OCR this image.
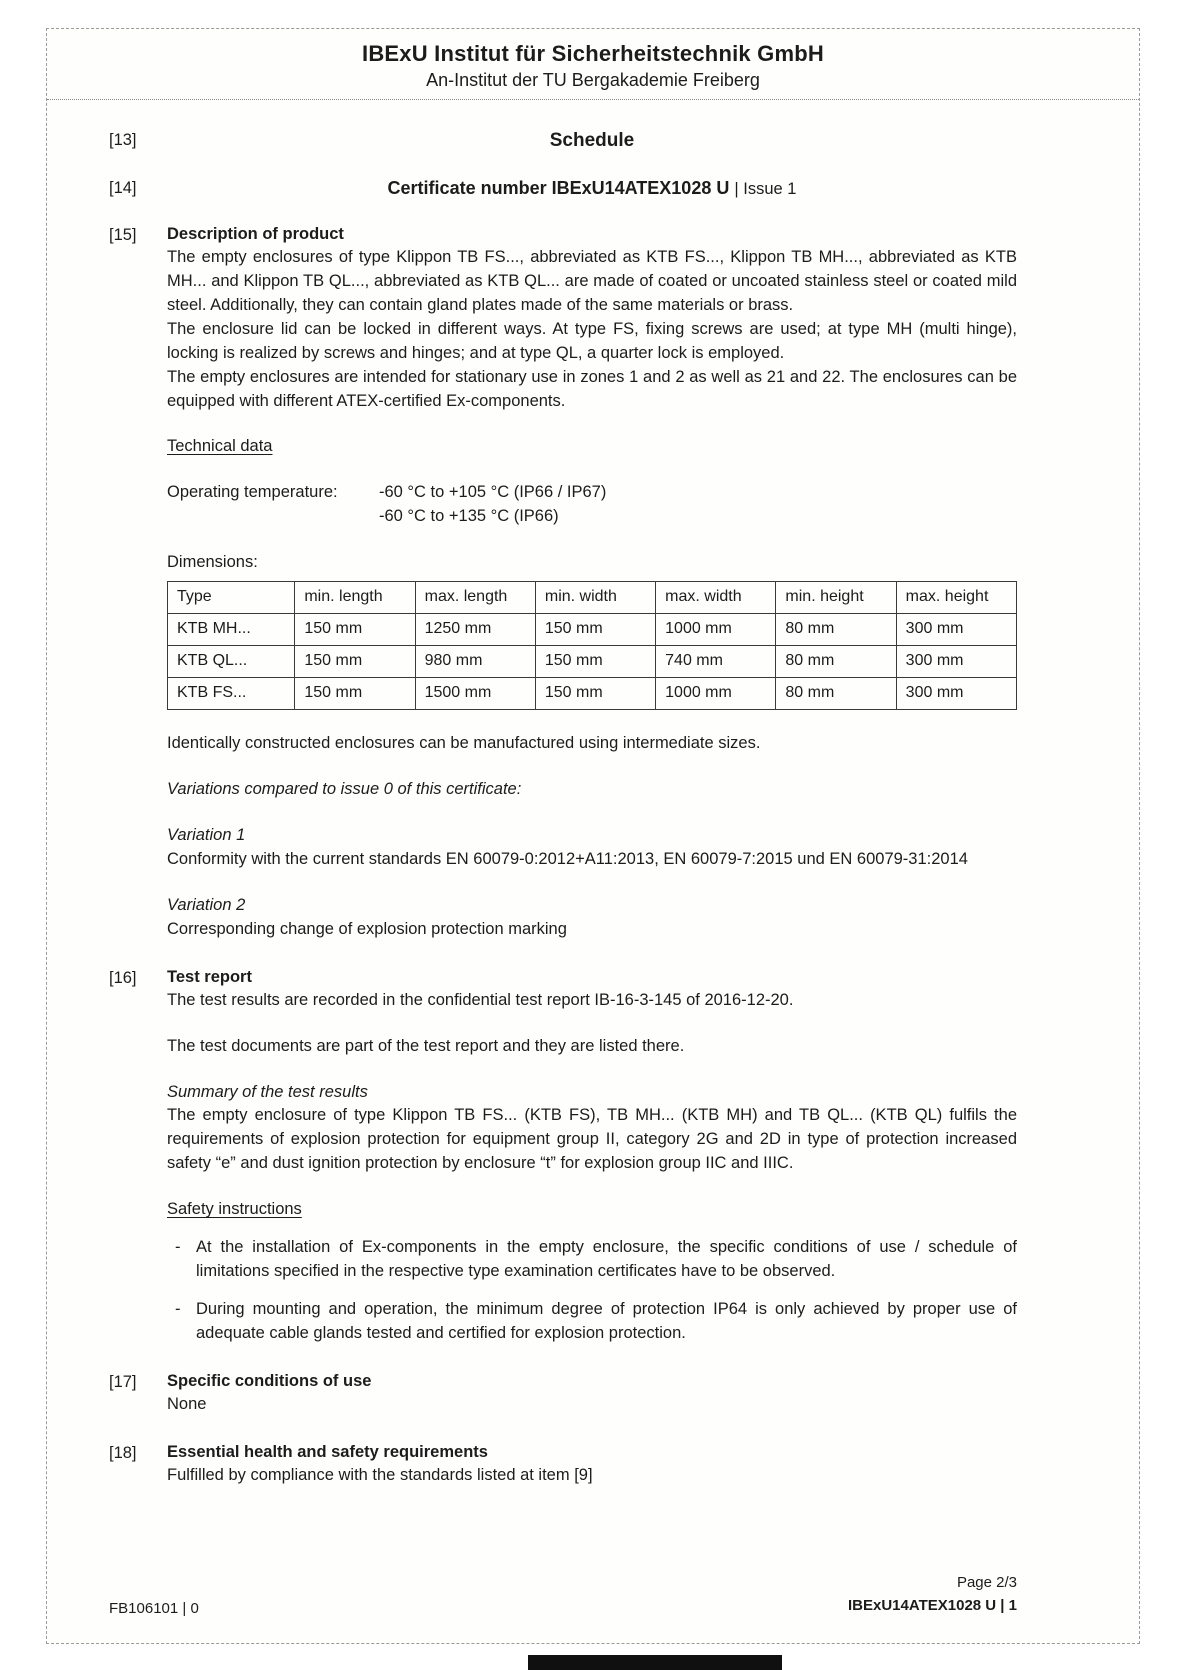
IBExU Institut für Sicherheitstechnik GmbH
An-Institut der TU Bergakademie Freiberg
[13]	Schedule
[14]	Certificate number IBExU14ATEX1028 U | Issue 1
[15]	Description of product

The empty enclosures of type Klippon TB FS..., abbreviated as KTB FS..., Klippon TB MH..., abbreviated as KTB MH... and Klippon TB QL..., abbreviated as KTB QL... are made of coated or uncoated stainless steel or coated mild steel. Additionally, they can contain gland plates made of the same materials or brass.

The enclosure lid can be locked in different ways. At type FS, fixing screws are used; at type MH (multi hinge), locking is realized by screws and hinges; and at type QL, a quarter lock is employed.

The empty enclosures are intended for stationary use in zones 1 and 2 as well as 21 and 22. The enclosures can be equipped with different ATEX-certified Ex-components.

Technical data

Operating temperature:	-60 °C to +105 °C (IP66 / IP67)
-60 °C to +135 °C (IP66)

Dimensions:

Type	min. length	max. length	min. width	max. width	min. height	max. height
KTB MH...	150 mm	1250 mm	150 mm	1000 mm	80 mm	300 mm
KTB QL...	150 mm	980 mm	150 mm	740 mm	80 mm	300 mm
KTB FS...	150 mm	1500 mm	150 mm	1000 mm	80 mm	300 mm

Identically constructed enclosures can be manufactured using intermediate sizes.

Variations compared to issue 0 of this certificate:

Variation 1

Conformity with the current standards EN 60079-0:2012+A11:2013, EN 60079-7:2015 und EN 60079-31:2014

Variation 2

Corresponding change of explosion protection marking

[16]	Test report

The test results are recorded in the confidential test report IB-16-3-145 of 2016-12-20.

The test documents are part of the test report and they are listed there.

Summary of the test results

The empty enclosure of type Klippon TB FS... (KTB FS), TB MH... (KTB MH) and TB QL... (KTB QL) fulfils the requirements of explosion protection for equipment group II, category 2G and 2D in type of protection increased safety “e” and dust ignition protection by enclosure “t” for explosion group IIC and IIIC.

Safety instructions

- At the installation of Ex-components in the empty enclosure, the specific conditions of use / schedule of limitations specified in the respective type examination certificates have to be observed.

- During mounting and operation, the minimum degree of protection IP64 is only achieved by proper use of adequate cable glands tested and certified for explosion protection.

[17]	Specific conditions of use

None

[18]	Essential health and safety requirements

Fulfilled by compliance with the standards listed at item [9]

FB106101 | 0
Page 2/3
IBExU14ATEX1028 U | 1
